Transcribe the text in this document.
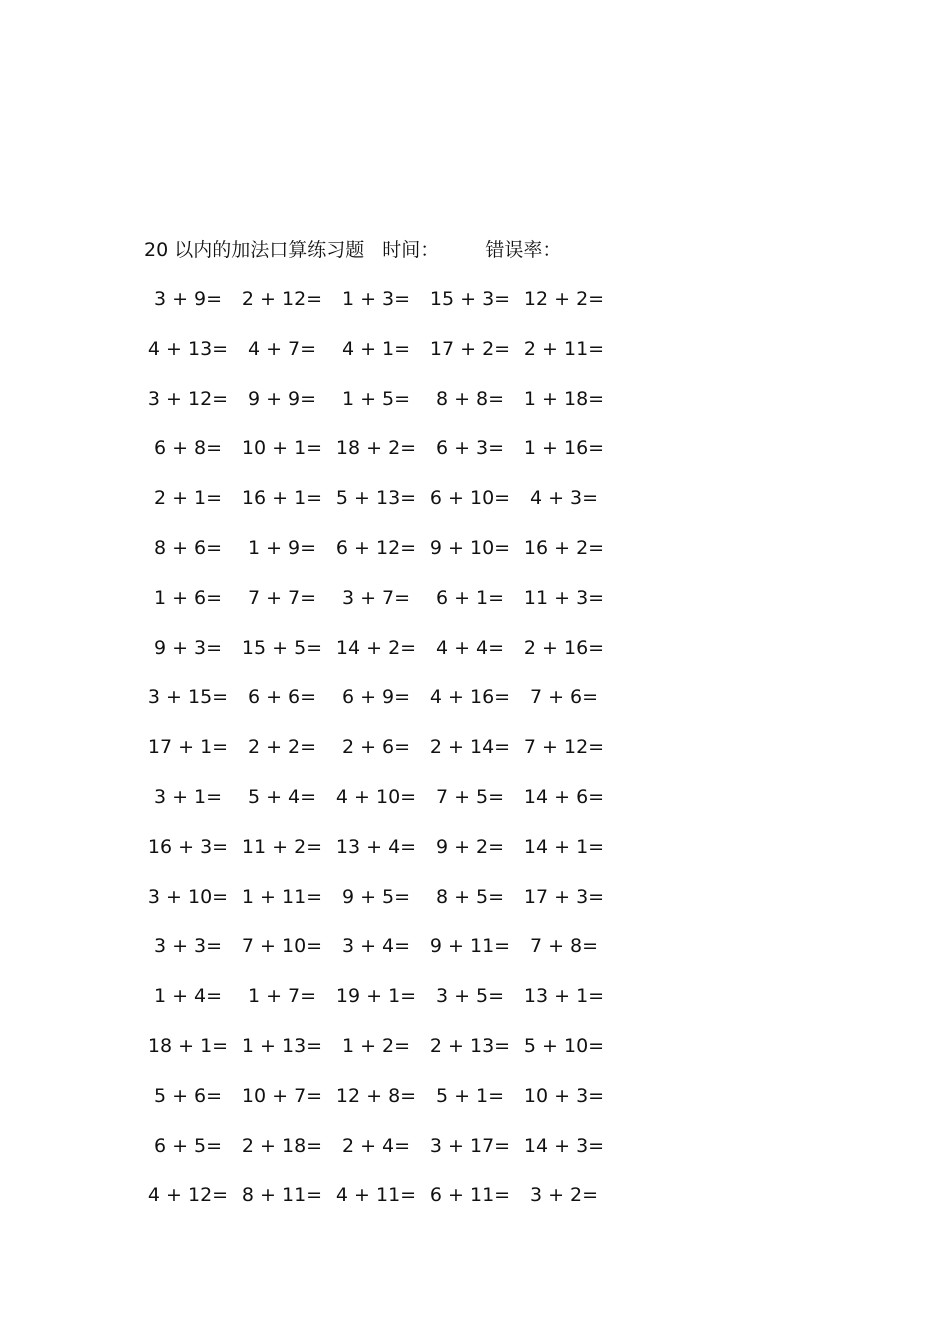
20 以内的加法口算练习题 时间： 错误率：
3 + 9=	2 + 12=	1 + 3=	15 + 3= 12 + 2=
4 + 13=	4 + 7=	4 + 1=	17 + 2= 2 + 11=
3 + 12=	9 + 9=	1 + 5=	8 + 8=	1 + 18=
6 + 8=	10 + 1= 18 + 2=	6 + 3=	1 + 16=
2 + 1=	16 + 1= 5 + 13= 6 + 10=	4 + 3=
8 + 6=	1 + 9=	6 + 12= 9 + 10= 16 + 2=
1 + 6=	7 + 7=	3 + 7=	6 + 1=	11 + 3=
9 + 3=	15 + 5= 14 + 2=	4 + 4=	2 + 16=
3 + 15=	6 + 6=	6 + 9=	4 + 16=	7 + 6=
17 + 1=	2 + 2=	2 + 6=	2 + 14= 7 + 12=
3 + 1=	5 + 4=	4 + 10=	7 + 5=	14 + 6=
16 + 3= 11 + 2= 13 + 4=	9 + 2=	14 + 1=
3 + 10= 1 + 11=	9 + 5=	8 + 5=	17 + 3=
3 + 3=	7 + 10=	3 + 4=	9 + 11=	7 + 8=
1 + 4=	1 + 7=	19 + 1=	3 + 5=	13 + 1=
18 + 1= 1 + 13=	1 + 2=	2 + 13= 5 + 10=
5 + 6=	10 + 7= 12 + 8=	5 + 1=	10 + 3=
6 + 5=	2 + 18=	2 + 4=	3 + 17= 14 + 3=
4 + 12= 8 + 11= 4 + 11= 6 + 11=	3 + 2=
